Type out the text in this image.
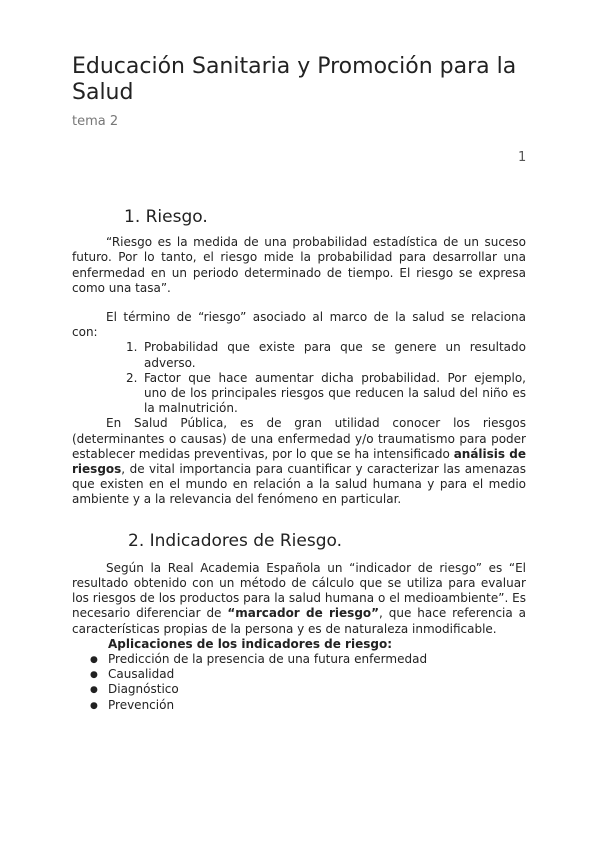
Educación Sanitaria y Promoción para la Salud
tema 2
1
1. Riesgo.

“Riesgo es la medida de una probabilidad estadística de un suceso futuro. Por lo tanto, el riesgo mide la probabilidad para desarrollar una enfermedad en un periodo determinado de tiempo. El riesgo se expresa como una tasa”.

El término de “riesgo” asociado al marco de la salud se relaciona con:

1. Probabilidad que existe para que se genere un resultado adverso.
2. Factor que hace aumentar dicha probabilidad. Por ejemplo, uno de los principales riesgos que reducen la salud del niño es la malnutrición.

En Salud Pública, es de gran utilidad conocer los riesgos (determinantes o causas) de una enfermedad y/o traumatismo para poder establecer medidas preventivas, por lo que se ha intensificado análisis de riesgos, de vital importancia para cuantificar y caracterizar las amenazas que existen en el mundo en relación a la salud humana y para el medio ambiente y a la relevancia del fenómeno en particular.

2. Indicadores de Riesgo.

Según la Real Academia Española un “indicador de riesgo” es “El resultado obtenido con un método de cálculo que se utiliza para evaluar los riesgos de los productos para la salud humana o el medioambiente”. Es necesario diferenciar de “marcador de riesgo”, que hace referencia a características propias de la persona y es de naturaleza inmodificable.

Aplicaciones de los indicadores de riesgo:
● Predicción de la presencia de una futura enfermedad
● Causalidad
● Diagnóstico
● Prevención
